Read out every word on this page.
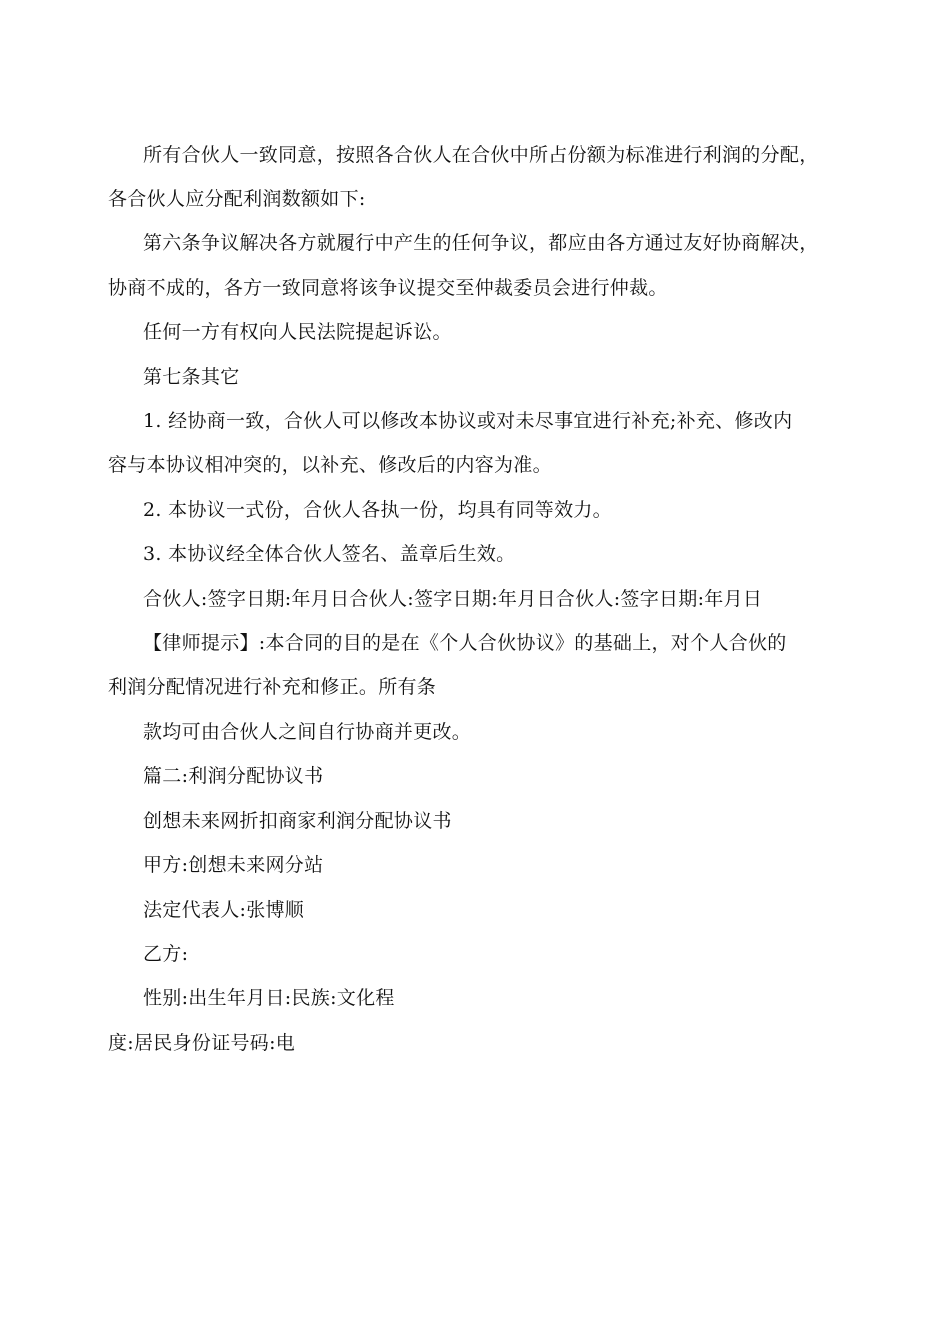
所有合伙人一致同意，按照各合伙人在合伙中所占份额为标准进行利润的分配，
各合伙人应分配利润数额如下:
第六条争议解决各方就履行中产生的任何争议，都应由各方通过友好协商解决，
协商不成的，各方一致同意将该争议提交至仲裁委员会进行仲裁。
任何一方有权向人民法院提起诉讼。
第七条其它
1. 经协商一致，合伙人可以修改本协议或对未尽事宜进行补充;补充、修改内
容与本协议相冲突的，以补充、修改后的内容为准。
2. 本协议一式份，合伙人各执一份，均具有同等效力。
3. 本协议经全体合伙人签名、盖章后生效。
合伙人:签字日期:年月日合伙人:签字日期:年月日合伙人:签字日期:年月日
【律师提示】:本合同的目的是在《个人合伙协议》的基础上，对个人合伙的
利润分配情况进行补充和修正。所有条
款均可由合伙人之间自行协商并更改。
篇二:利润分配协议书
创想未来网折扣商家利润分配协议书
甲方:创想未来网分站
法定代表人:张博顺
乙方:
性别:出生年月日:民族:文化程
度:居民身份证号码:电
